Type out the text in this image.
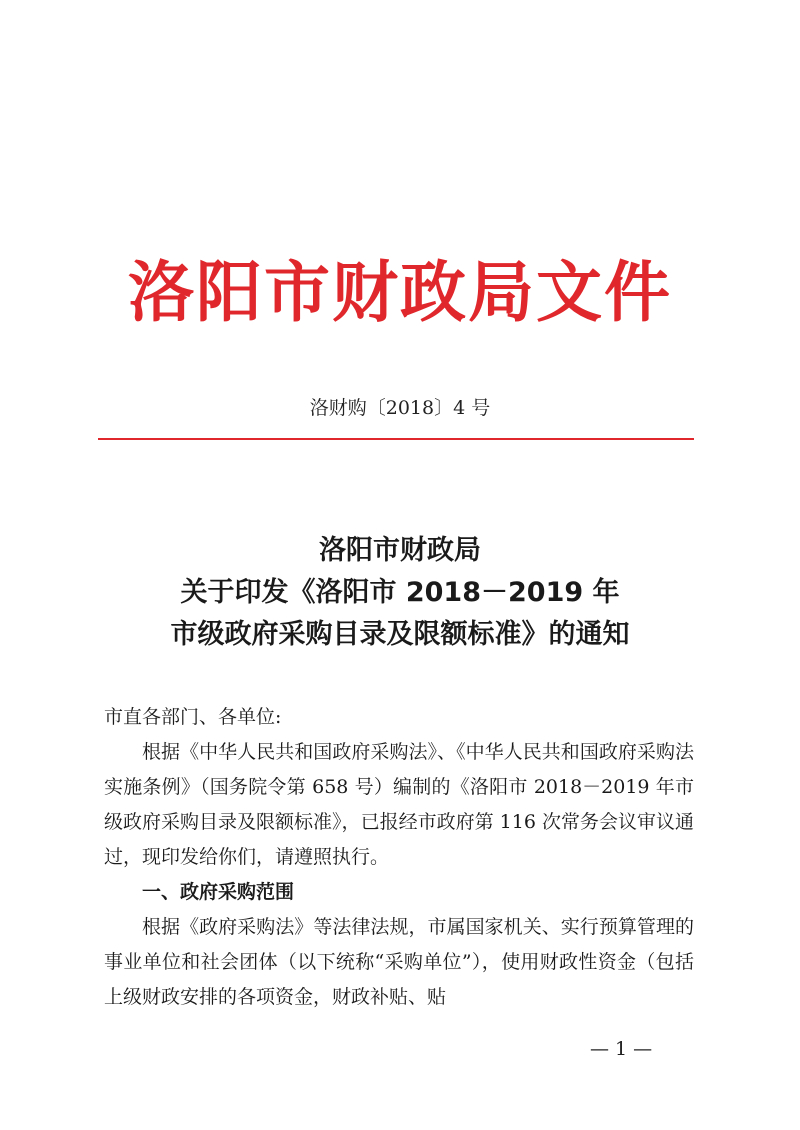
洛阳市财政局文件
洛财购〔2018〕4 号
洛阳市财政局
关于印发《洛阳市 2018－2019 年
市级政府采购目录及限额标准》的通知

市直各部门、各单位:

根据《中华人民共和国政府采购法》、《中华人民共和国政府采购法实施条例》（国务院令第 658 号）编制的《洛阳市 2018－2019 年市级政府采购目录及限额标准》，已报经市政府第 116 次常务会议审议通过，现印发给你们，请遵照执行。

一、政府采购范围

根据《政府采购法》等法律法规，市属国家机关、实行预算管理的事业单位和社会团体（以下统称“采购单位”），使用财政性资金（包括上级财政安排的各项资金，财政补贴、贴

— 1 —
